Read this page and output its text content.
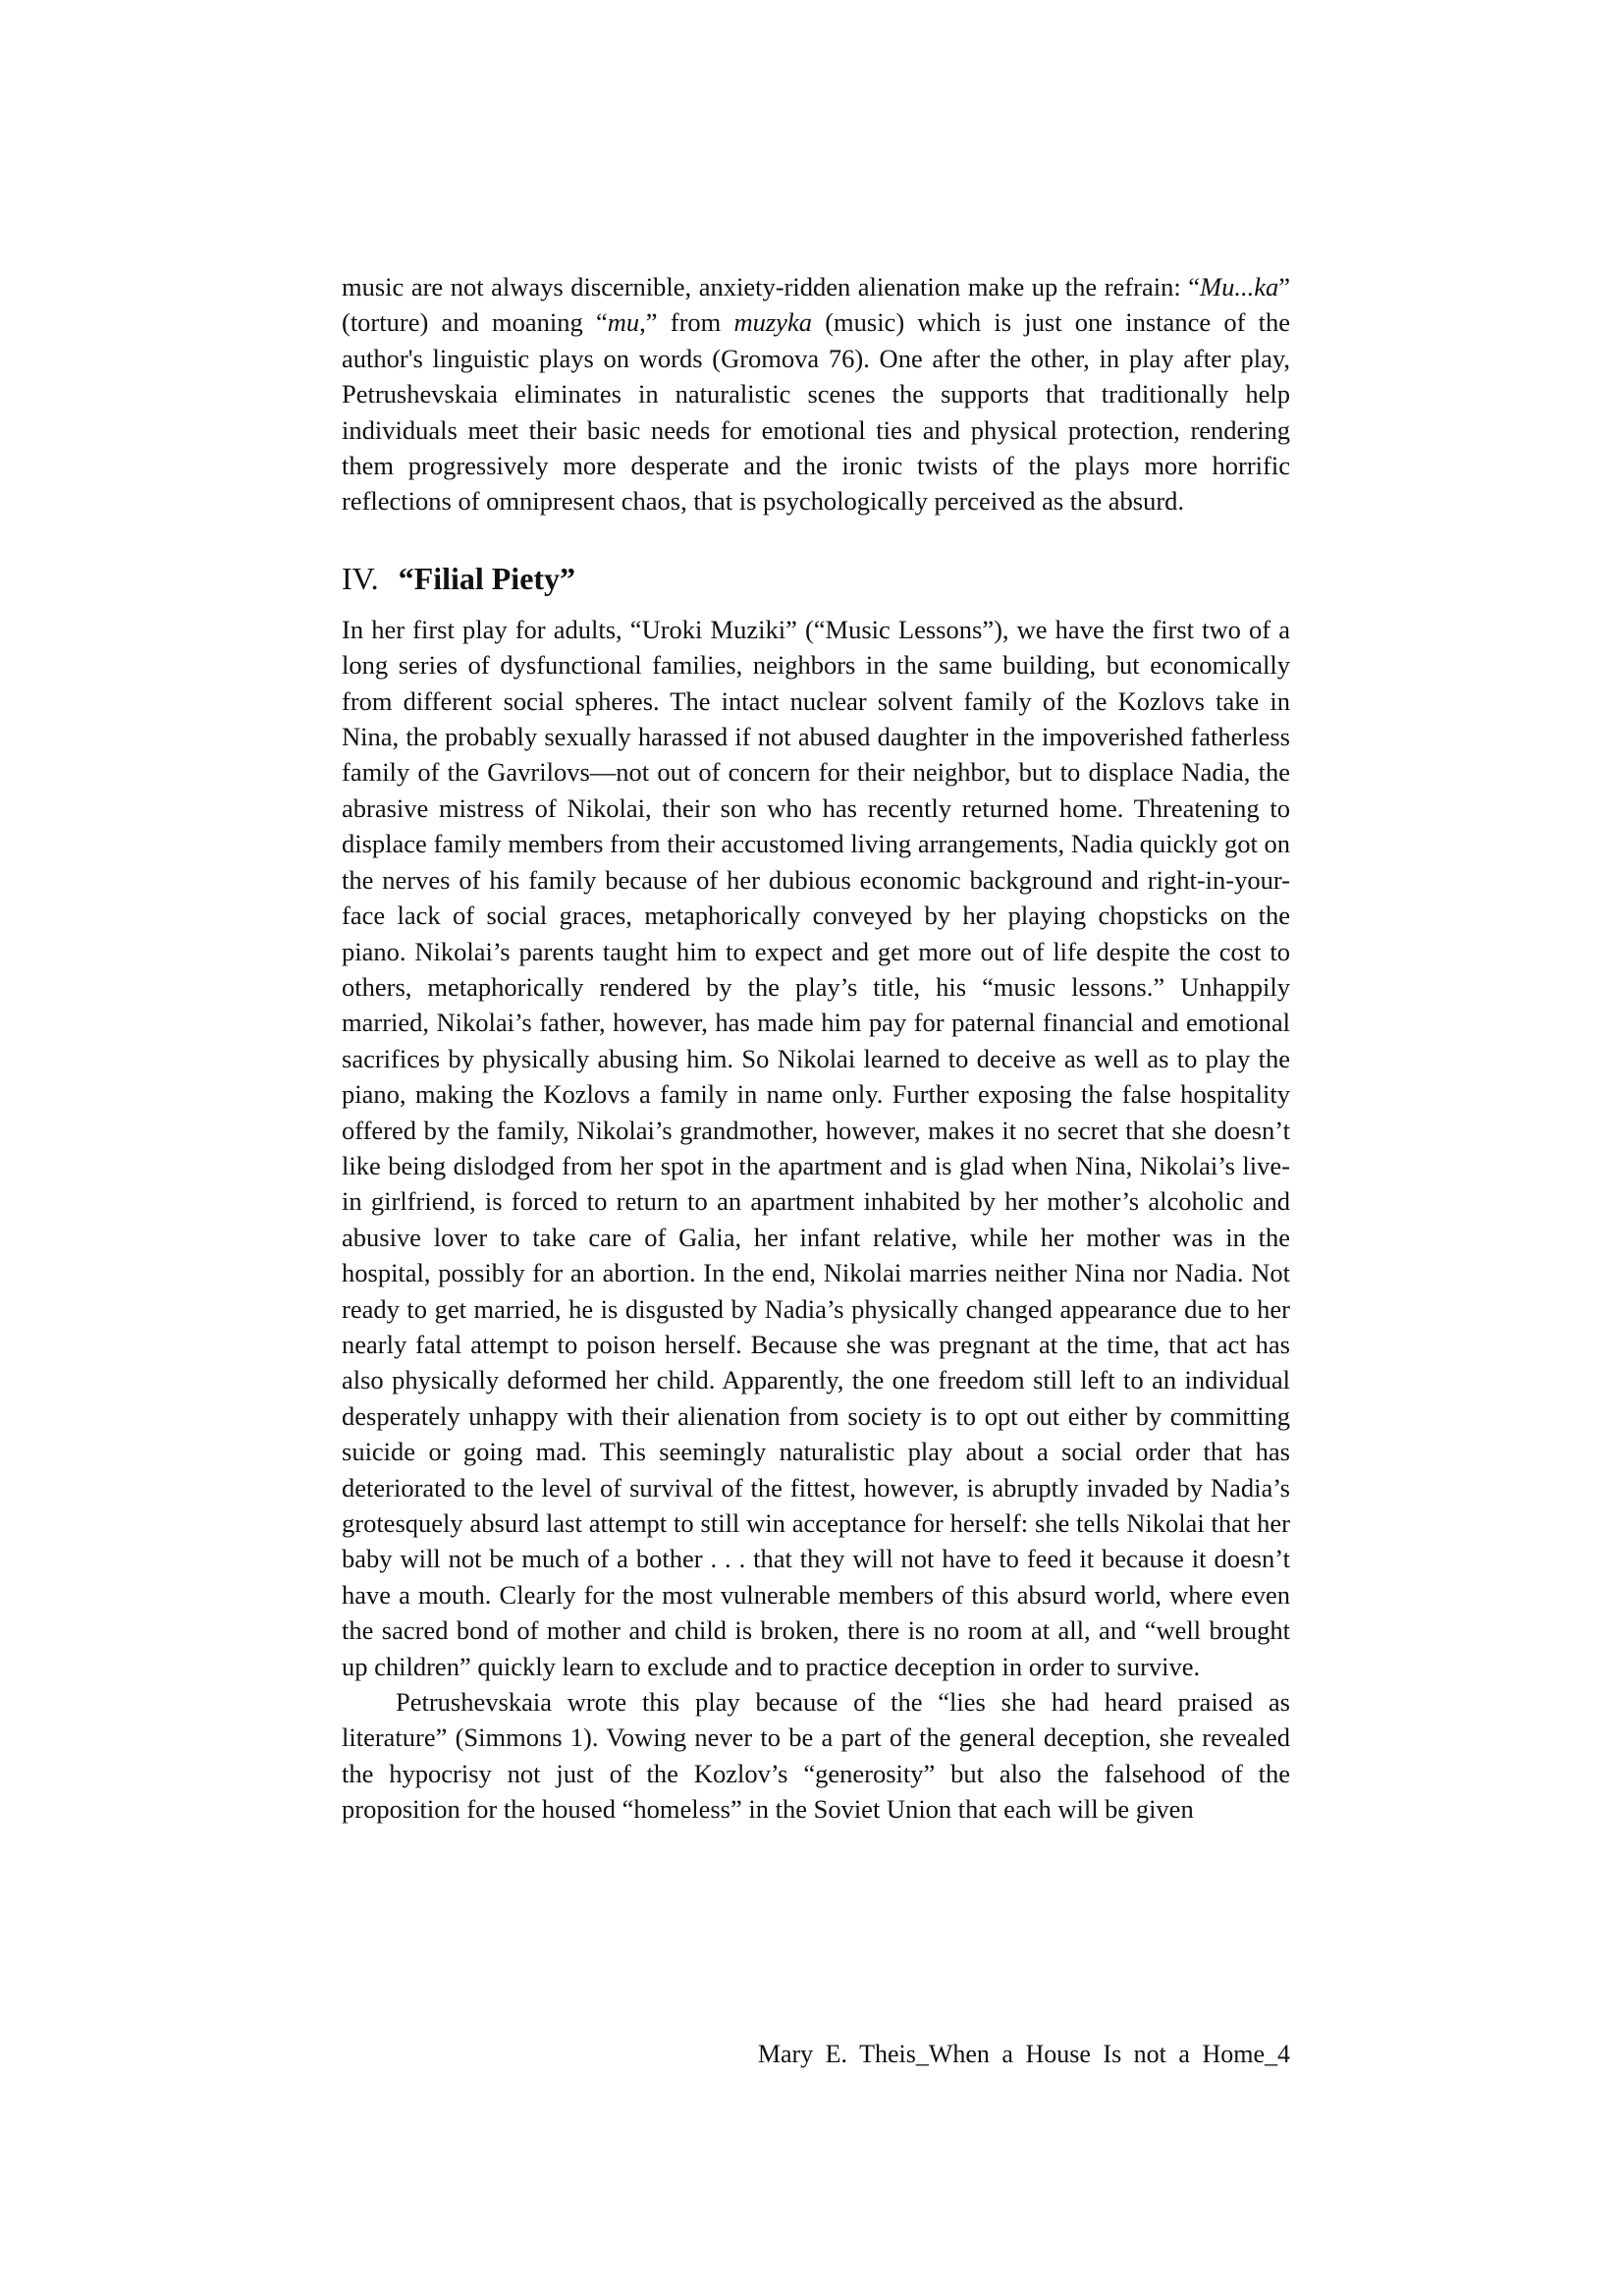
music are not always discernible, anxiety-ridden alienation make up the refrain: “Mu...ka” (torture) and moaning “mu,” from muzyka (music) which is just one instance of the author's linguistic plays on words (Gromova 76). One after the other, in play after play, Petrushevskaia eliminates in naturalistic scenes the supports that traditionally help individuals meet their basic needs for emotional ties and physical protection, rendering them progressively more desperate and the ironic twists of the plays more horrific reflections of omnipresent chaos, that is psychologically perceived as the absurd.

IV. “Filial Piety”

In her first play for adults, “Uroki Muziki” (“Music Lessons”), we have the first two of a long series of dysfunctional families, neighbors in the same building, but economically from different social spheres. The intact nuclear solvent family of the Kozlovs take in Nina, the probably sexually harassed if not abused daughter in the impoverished fatherless family of the Gavrilovs—not out of concern for their neighbor, but to displace Nadia, the abrasive mistress of Nikolai, their son who has recently returned home. Threatening to displace family members from their accustomed living arrangements, Nadia quickly got on the nerves of his family because of her dubious economic background and right-in-your-face lack of social graces, metaphorically conveyed by her playing chopsticks on the piano. Nikolai’s parents taught him to expect and get more out of life despite the cost to others, metaphorically rendered by the play’s title, his “music lessons.” Unhappily married, Nikolai’s father, however, has made him pay for paternal financial and emotional sacrifices by physically abusing him. So Nikolai learned to deceive as well as to play the piano, making the Kozlovs a family in name only. Further exposing the false hospitality offered by the family, Nikolai’s grandmother, however, makes it no secret that she doesn’t like being dislodged from her spot in the apartment and is glad when Nina, Nikolai’s live-in girlfriend, is forced to return to an apartment inhabited by her mother’s alcoholic and abusive lover to take care of Galia, her infant relative, while her mother was in the hospital, possibly for an abortion. In the end, Nikolai marries neither Nina nor Nadia. Not ready to get married, he is disgusted by Nadia’s physically changed appearance due to her nearly fatal attempt to poison herself. Because she was pregnant at the time, that act has also physically deformed her child. Apparently, the one freedom still left to an individual desperately unhappy with their alienation from society is to opt out either by committing suicide or going mad. This seemingly naturalistic play about a social order that has deteriorated to the level of survival of the fittest, however, is abruptly invaded by Nadia’s grotesquely absurd last attempt to still win acceptance for herself: she tells Nikolai that her baby will not be much of a bother . . . that they will not have to feed it because it doesn’t have a mouth. Clearly for the most vulnerable members of this absurd world, where even the sacred bond of mother and child is broken, there is no room at all, and “well brought up children” quickly learn to exclude and to practice deception in order to survive.

Petrushevskaia wrote this play because of the “lies she had heard praised as literature” (Simmons 1). Vowing never to be a part of the general deception, she revealed the hypocrisy not just of the Kozlov’s “generosity” but also the falsehood of the proposition for the housed “homeless” in the Soviet Union that each will be given

Mary E. Theis_When a House Is not a Home_4
